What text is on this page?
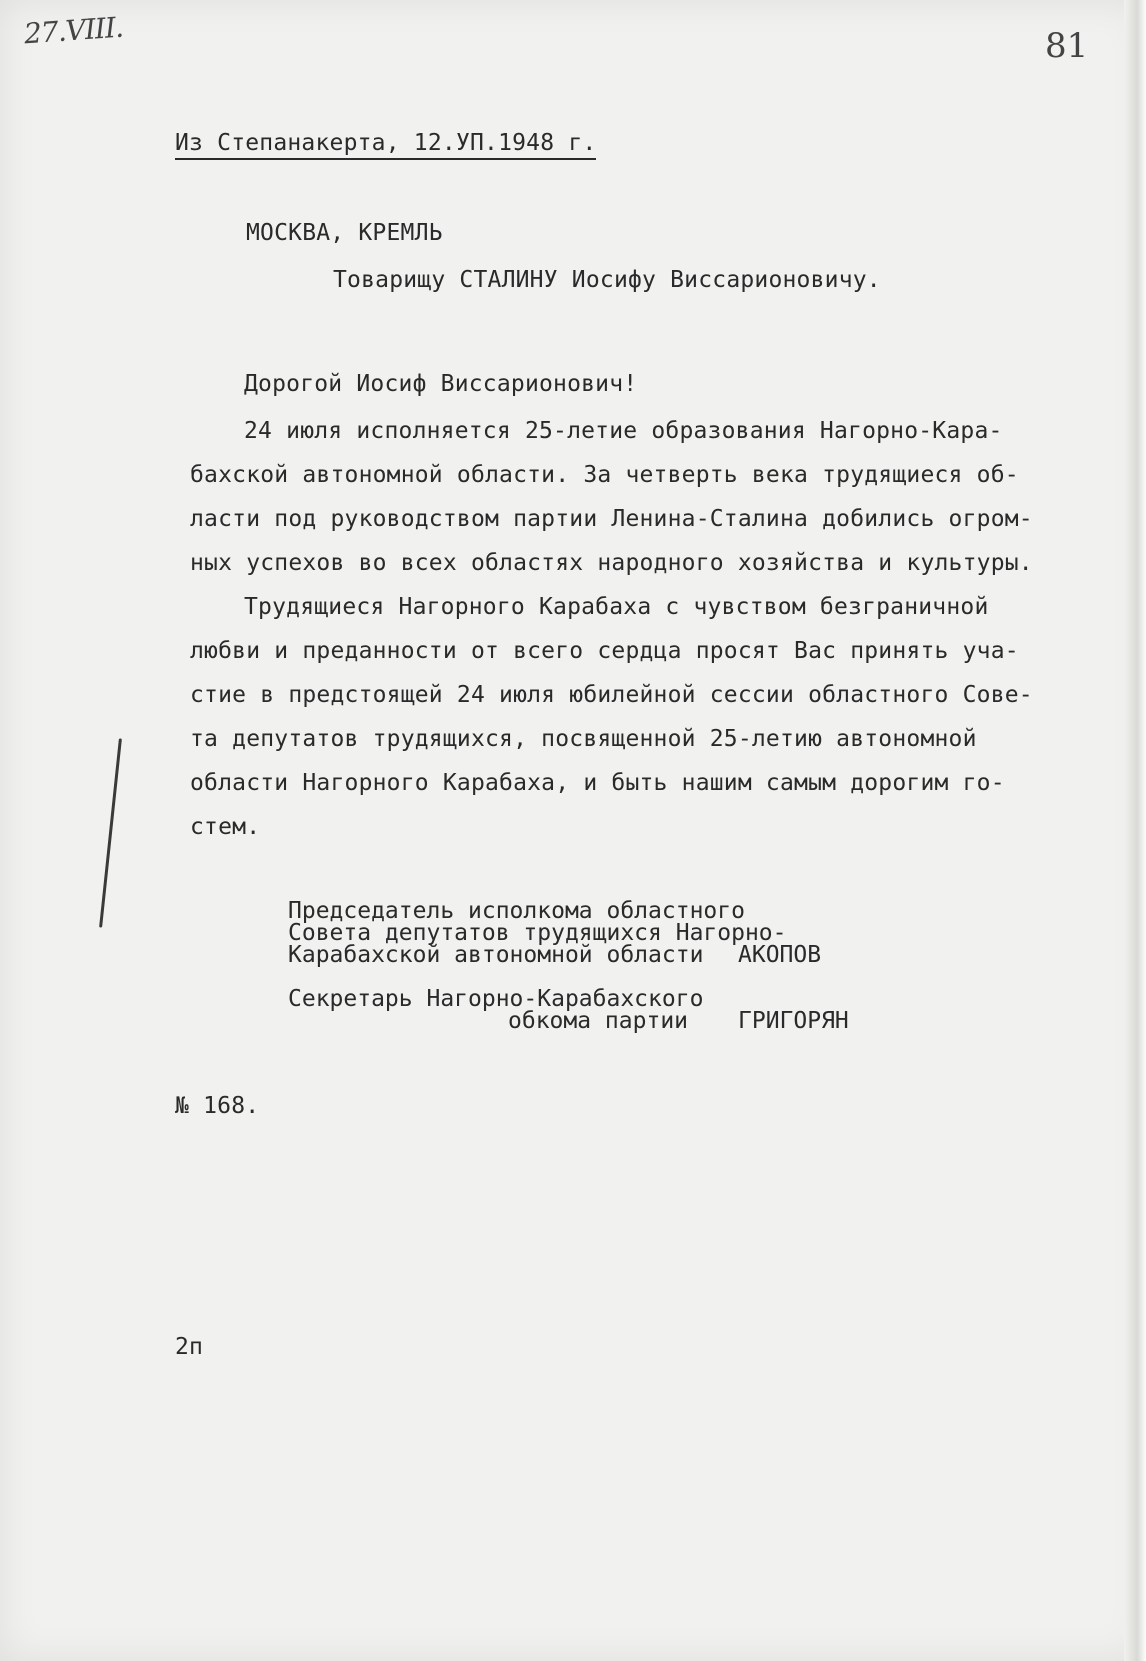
27.VIII.	81
Из Степанакерта, 12.УП.1948 г.
МОСКВА, КРЕМЛЬ
Товарищу СТАЛИНУ Иосифу Виссарионовичу.
Дорогой Иосиф Виссарионович!
24 июля исполняется 25-летие образования Нагорно-Кара-
бахской автономной области. За четверть века трудящиеся об-
ласти под руководством партии Ленина-Сталина добились огром-
ных успехов во всех областях народного хозяйства и культуры.
Трудящиеся Нагорного Карабаха с чувством безграничной
любви и преданности от всего сердца просят Вас принять уча-
стие в предстоящей 24 июля юбилейной сессии областного Сове-
та депутатов трудящихся, посвященной 25-летию автономной
области Нагорного Карабаха, и быть нашим самым дорогим го-
стем.
Председатель исполкома областного
Совета депутатов трудящихся Нагорно-
Карабахской автономной области АКОПОВ
Секретарь Нагорно-Карабахского
обкома партии ГРИГОРЯН
№ 168.
2п
